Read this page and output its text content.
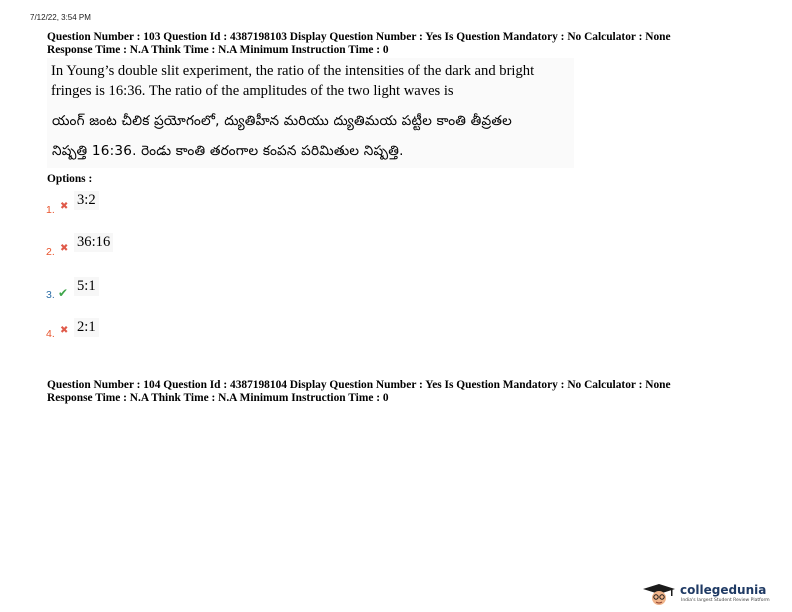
7/12/22, 3:54 PM
Question Number : 103 Question Id : 4387198103 Display Question Number : Yes Is Question Mandatory : No Calculator : None
Response Time : N.A Think Time : N.A Minimum Instruction Time : 0
In Young’s double slit experiment, the ratio of the intensities of the dark and bright
fringes is 16:36. The ratio of the amplitudes of the two light waves is
యంగ్ జంట చీలిక ప్రయోగంలో, ద్యుతిహీన మరియు ద్యుతిమయ పట్టీల కాంతి తీవ్రతల
నిష్పత్తి 16:36. రెండు కాంతి తరంగాల కంపన పరిమితుల నిష్పత్తి.
Options :
1. ✖ 3:2
2. ✖ 36:16
3. ✔ 5:1
4. ✖ 2:1
Question Number : 104 Question Id : 4387198104 Display Question Number : Yes Is Question Mandatory : No Calculator : None
Response Time : N.A Think Time : N.A Minimum Instruction Time : 0
collegedunia
India's largest Student Review Platform
